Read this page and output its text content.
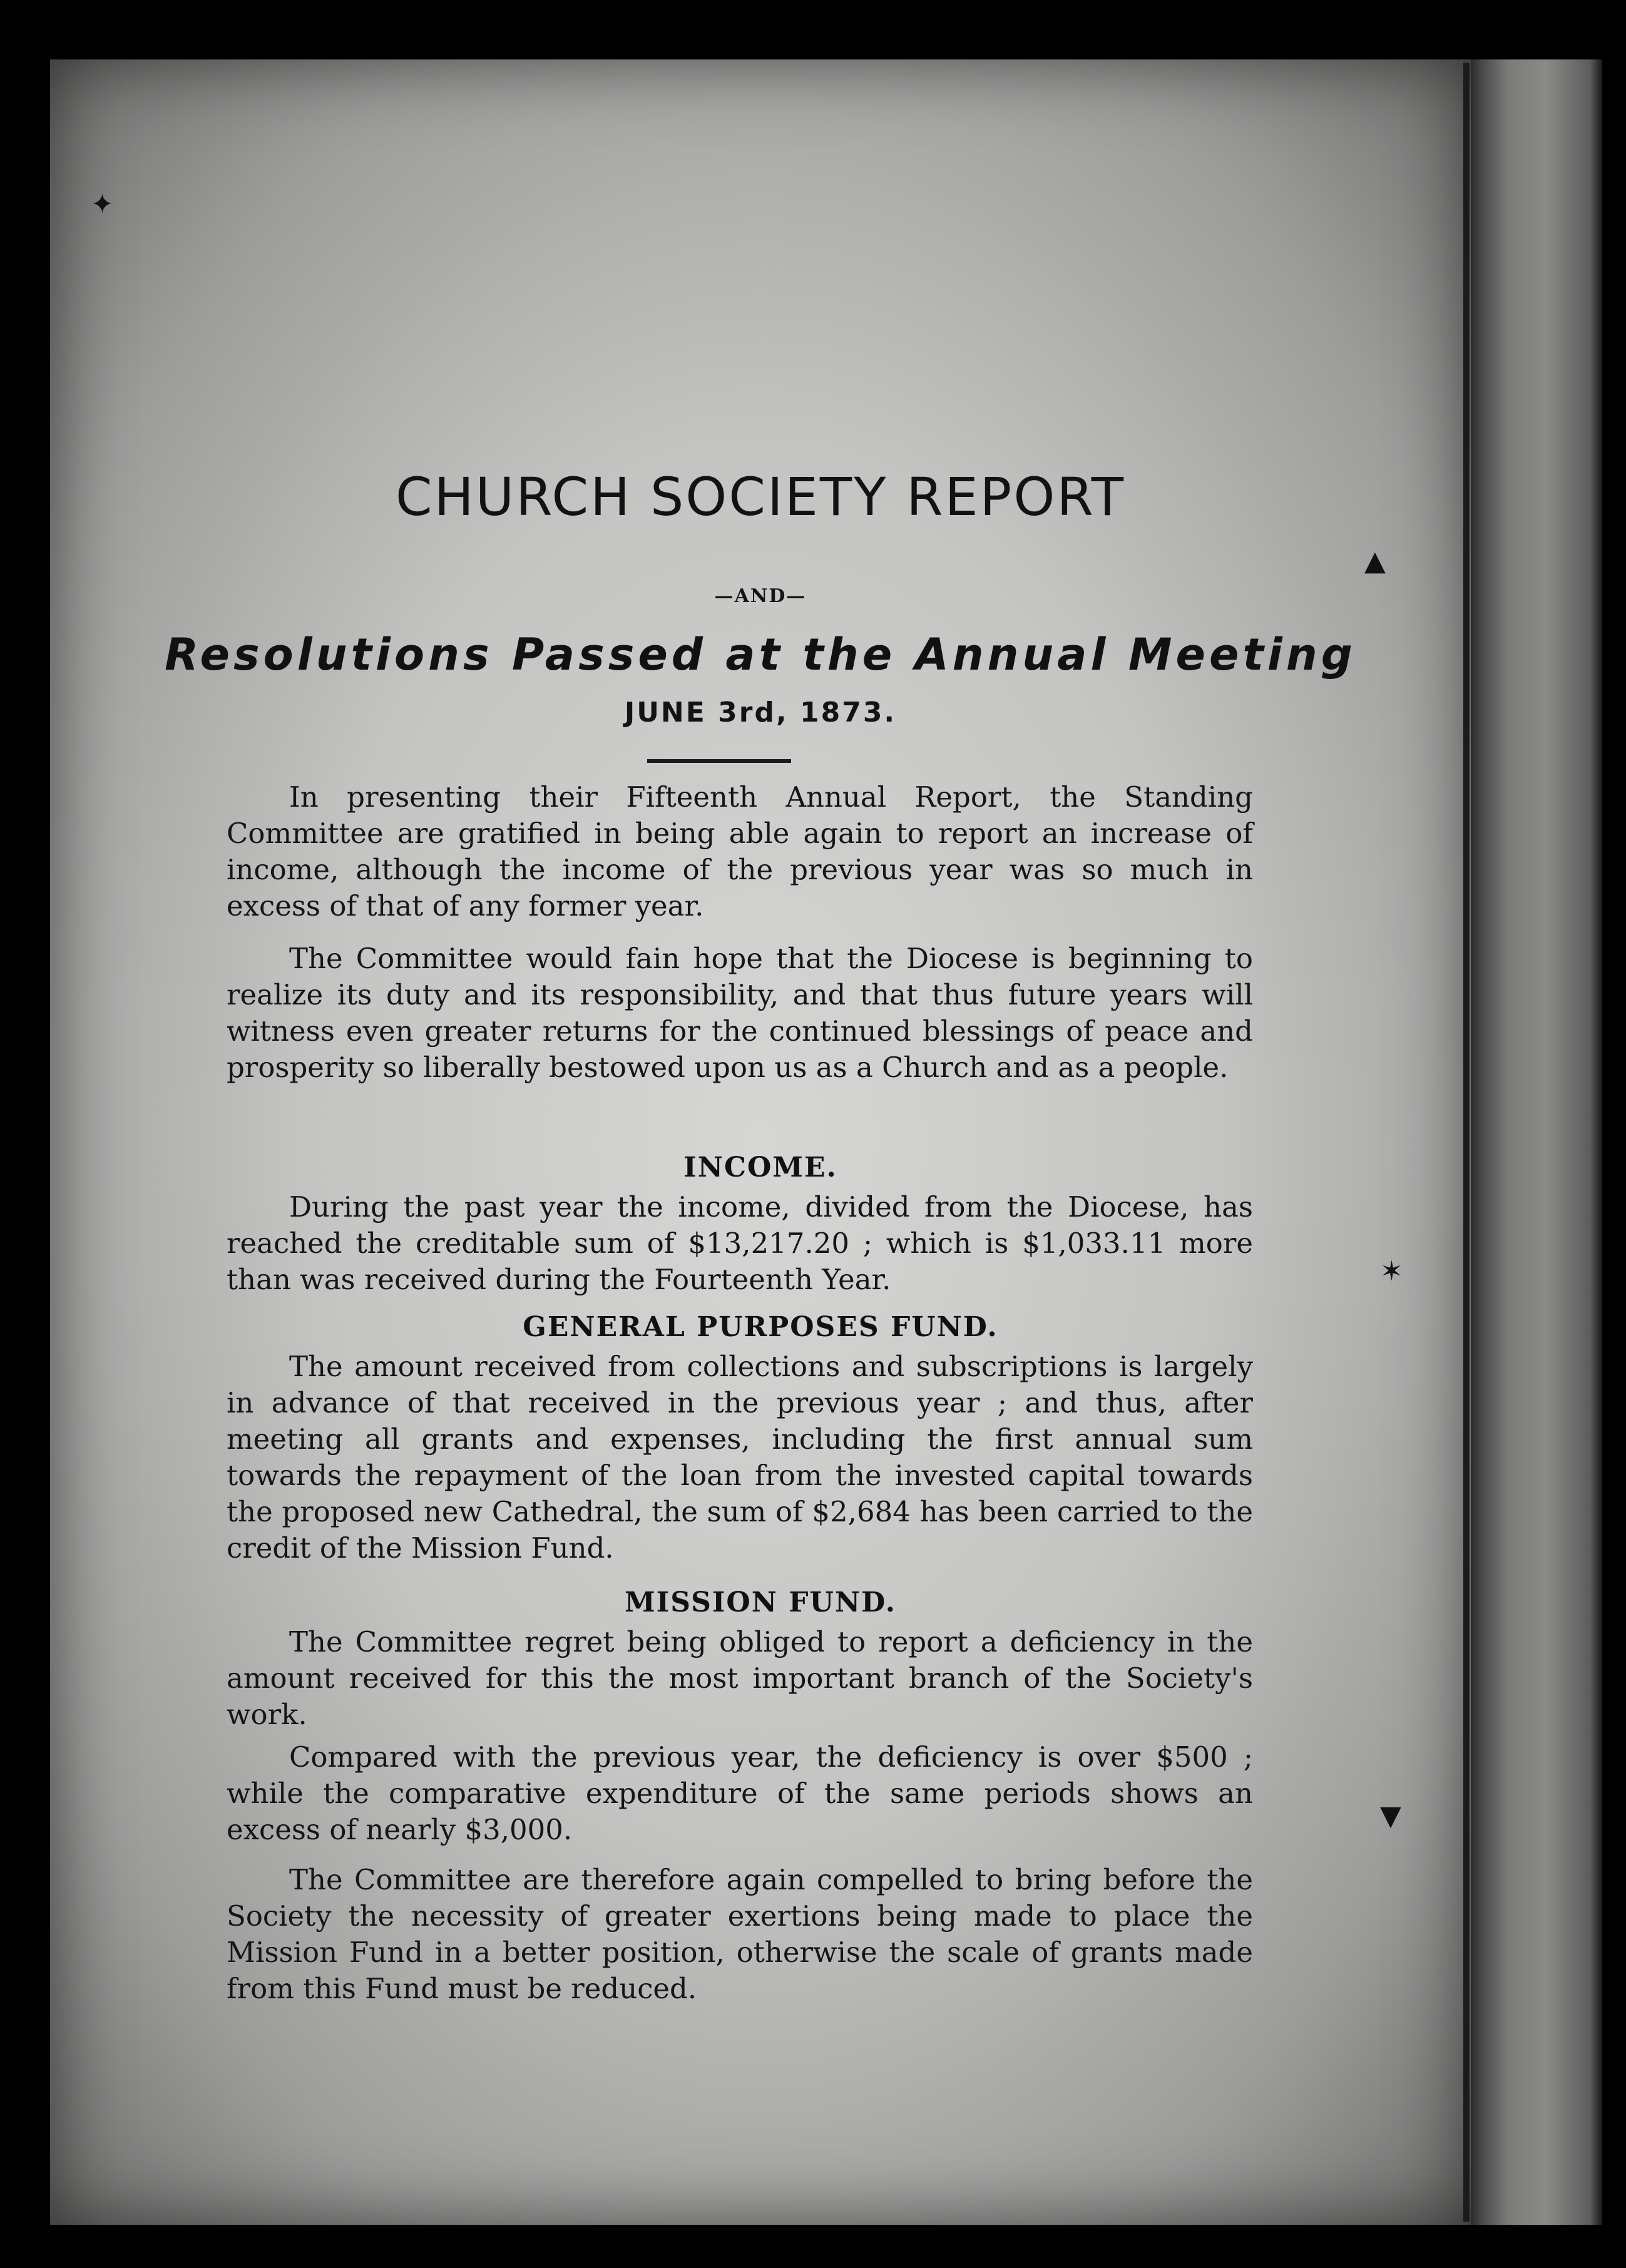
✦
▲
✶
▼
CHURCH SOCIETY REPORT
—AND—
Resolutions Passed at the Annual Meeting
JUNE 3rd, 1873.

In presenting their Fifteenth Annual Report, the Standing Committee are gratified in being able again to report an increase of income, although the income of the previous year was so much in excess of that of any former year.

The Committee would fain hope that the Diocese is beginning to realize its duty and its responsibility, and that thus future years will witness even greater returns for the continued blessings of peace and prosperity so liberally bestowed upon us as a Church and as a people.

INCOME.

During the past year the income, divided from the Diocese, has reached the creditable sum of $13,217.20 ; which is $1,033.11 more than was received during the Fourteenth Year.

GENERAL PURPOSES FUND.

The amount received from collections and subscriptions is largely in advance of that received in the previous year ; and thus, after meeting all grants and expenses, including the first annual sum towards the repayment of the loan from the invested capital towards the proposed new Cathedral, the sum of $2,684 has been carried to the credit of the Mission Fund.

MISSION FUND.

The Committee regret being obliged to report a deficiency in the amount received for this the most important branch of the Society's work.

Compared with the previous year, the deficiency is over $500 ; while the comparative expenditure of the same periods shows an excess of nearly $3,000.

The Committee are therefore again compelled to bring before the Society the necessity of greater exertions being made to place the Mission Fund in a better position, otherwise the scale of grants made from this Fund must be reduced.
